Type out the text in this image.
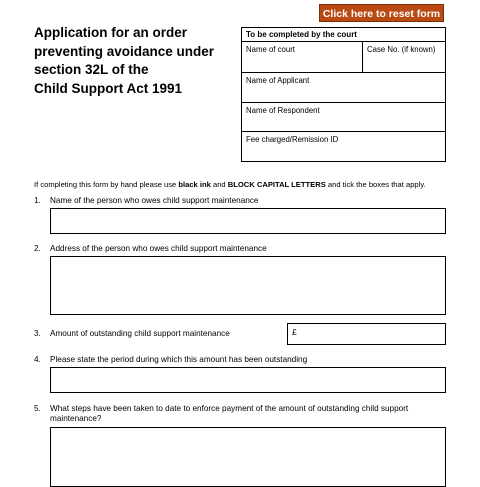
Click here to reset form
Application for an order
preventing avoidance under
section 32L of the
Child Support Act 1991
To be completed by the court
Name of court	Case No. (if known)
Name of Applicant
Name of Respondent
Fee charged/Remission ID
If completing this form by hand please use black ink and BLOCK CAPITAL LETTERS and tick the boxes that apply.
1. Name of the person who owes child support maintenance
2. Address of the person who owes child support maintenance
3. Amount of outstanding child support maintenance	£
4. Please state the period during which this amount has been outstanding
5. What steps have been taken to date to enforce payment of the amount of outstanding child support
maintenance?
